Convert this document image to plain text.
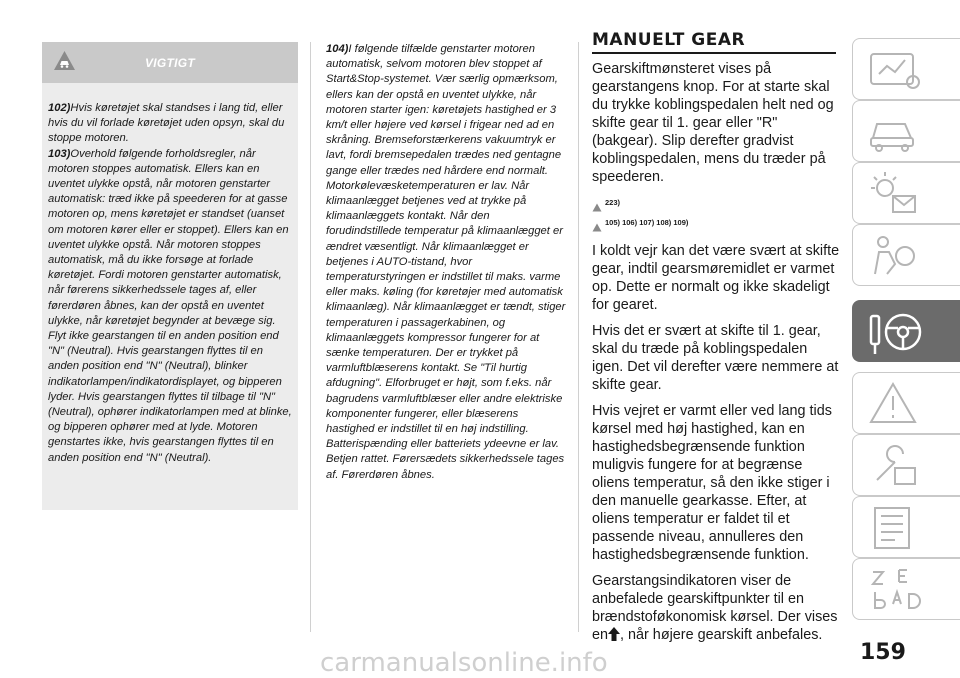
VIGTIGT

102)Hvis køretøjet skal standses i lang tid, eller hvis du vil forlade køretøjet uden opsyn, skal du stoppe motoren.

103)Overhold følgende forholdsregler, når motoren stoppes automatisk. Ellers kan en uventet ulykke opstå, når motoren genstarter automatisk: træd ikke på speederen for at gasse motoren op, mens køretøjet er standset (uanset om motoren kører eller er stoppet). Ellers kan en uventet ulykke opstå. Når motoren stoppes automatisk, må du ikke forsøge at forlade køretøjet. Fordi motoren genstarter automatisk, når førerens sikkerhedssele tages af, eller førerdøren åbnes, kan der opstå en uventet ulykke, når køretøjet begynder at bevæge sig. Flyt ikke gearstangen til en anden position end "N" (Neutral). Hvis gearstangen flyttes til en anden position end "N" (Neutral), blinker indikatorlampen/indikatordisplayet, og bipperen lyder. Hvis gearstangen flyttes til tilbage til "N" (Neutral), ophører indikatorlampen med at blinke, og bipperen ophører med at lyde. Motoren genstartes ikke, hvis gearstangen flyttes til en anden position end "N" (Neutral).

104)I følgende tilfælde genstarter motoren automatisk, selvom motoren blev stoppet af Start&Stop-systemet. Vær særlig opmærksom, ellers kan der opstå en uventet ulykke, når motoren starter igen: køretøjets hastighed er 3 km/t eller højere ved kørsel i frigear ned ad en skråning. Bremseforstærkerens vakuumtryk er lavt, fordi bremsepedalen trædes ned gentagne gange eller trædes ned hårdere end normalt. Motorkølevæsketemperaturen er lav. Når klimaanlægget betjenes ved at trykke på klimaanlæggets kontakt. Når den forudindstillede temperatur på klimaanlægget er ændret væsentligt. Når klimaanlægget er betjenes i AUTO-tistand, hvor temperaturstyringen er indstillet til maks. varme eller maks. køling (for køretøjer med automatisk klimaanlæg). Når klimaanlægget er tændt, stiger temperaturen i passagerkabinen, og klimaanlæggets kompressor fungerer for at sænke temperaturen. Der er trykket på varmluftblæserens kontakt. Se "Til hurtig afdugning". Elforbruget er højt, som f.eks. når bagrudens varmluftblæser eller andre elektriske komponenter fungerer, eller blæserens hastighed er indstillet til en høj indstilling. Batterispænding eller batteriets ydeevne er lav. Betjen rattet. Førersædets sikkerhedssele tages af. Førerdøren åbnes.
MANUELT GEAR

Gearskiftmønsteret vises på gearstangens knop. For at starte skal du trykke koblingspedalen helt ned og skifte gear til 1. gear eller "R" (bakgear). Slip derefter gradvist koblingspedalen, mens du træder på speederen.

223)
105) 106) 107) 108) 109)

I koldt vejr kan det være svært at skifte gear, indtil gearsmøremidlet er varmet op. Dette er normalt og ikke skadeligt for gearet.

Hvis det er svært at skifte til 1. gear, skal du træde på koblingspedalen igen. Det vil derefter være nemmere at skifte gear.

Hvis vejret er varmt eller ved lang tids kørsel med høj hastighed, kan en hastighedsbegrænsende funktion muligvis fungere for at begrænse oliens temperatur, så den ikke stiger i den manuelle gearkasse. Efter, at oliens temperatur er faldet til et passende niveau, annulleres den hastighedsbegrænsende funktion.

Gearstangsindikatoren viser de anbefalede gearskiftpunkter til en brændstoføkonomisk kørsel. Der vises en , når højere gearskift anbefales.

159
carmanualsonline.info
